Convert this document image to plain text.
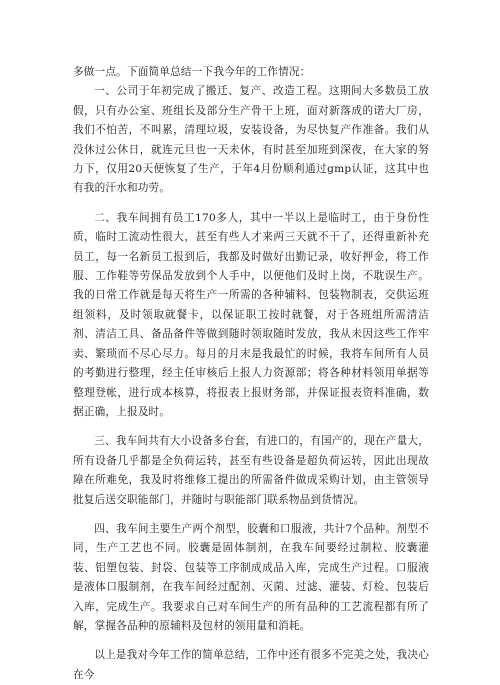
多做一点。下面简单总结一下我今年的工作情况：

一、公司于年初完成了搬迁、复产、改造工程。这期间大多数员工放假，只有办公室、班组长及部分生产骨干上班，面对新落成的诺大厂房，我们不怕苦，不叫累，清理垃圾，安装设备，为尽快复产作准备。我们从没休过公休日，就连元旦也一天未休，有时甚至加班到深夜，在大家的努力下，仅用20天便恢复了生产，于年4月份顺利通过gmp认证，这其中也有我的汗水和功劳。

二、我车间拥有员工170多人，其中一半以上是临时工，由于身份性质，临时工流动性很大，甚至有些人才来两三天就不干了，还得重新补充员工，每一名新员工报到后，我都及时做好出勤记录，收好押金，将工作服、工作鞋等劳保品发放到个人手中，以便他们及时上岗，不耽误生产。我的日常工作就是每天将生产一所需的各种辅料、包装物制表，交供运班组领料，及时领取就餐卡，以保证职工按时就餐，对于各班组所需清洁剂、清洁工具、备品备件等做到随时领取随时发放，我从未因这些工作牢卖、繁琐而不尽心尽力。每月的月末是我最忙的时候，我将车间所有人员的考勤进行整理，经主任审核后上报人力资源部；将各种材料领用单据等整理登帐，进行成本核算，将报表上报财务部，并保证报表资料准确，数据正确，上报及时。

三、我车间共有大小设备多台套，有进口的，有国产的，现在产量大，所有设备几乎都是全负荷运转，甚至有些设备是超负荷运转，因此出现故障在所难免，我及时将维修工提出的所需备件做成采购计划，由主管领导批复后送交职能部门，并随时与职能部门联系物品到货情况。

四、我车间主要生产两个剂型，胶囊和口服液，共计7个品种。剂型不同，生产工艺也不同。胶囊是固体制剂，在我车间要经过制粒、胶囊灌装、铝塑包装、封袋、包装等工序制成成品入库，完成生产过程。口服液是液体口服制剂，在我车间经过配剂、灭菌、过滤、灌装、灯检、包装后入库，完成生产。我要求自己对车间生产的所有品种的工艺流程都有所了解，掌握各品种的原辅料及包材的领用量和消耗。

以上是我对今年工作的简单总结，工作中还有很多不完美之处，我决心在今
